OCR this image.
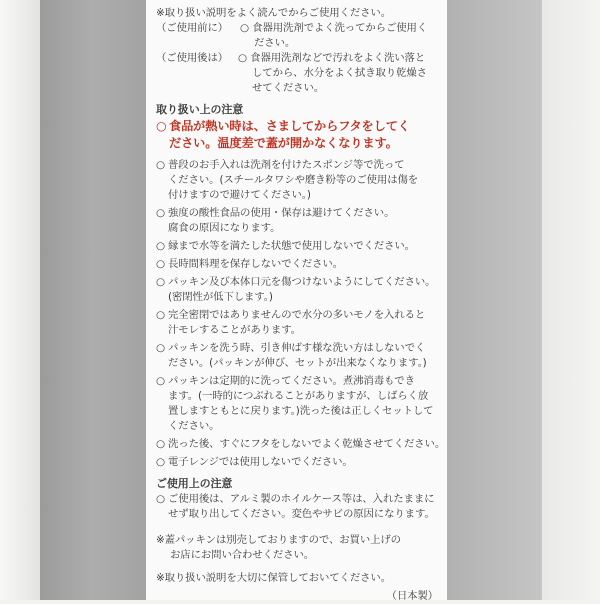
※取り扱い説明をよく読んでからご使用ください。
（ご使用前に）	○ 食器用洗剤でよく洗ってからご使用く
ださい。
（ご使用後は） ○ 食器用洗剤などで汚れをよく洗い落と
してから、水分をよく拭き取り乾燥さ
せてください。
取り扱い上の注意
○ 食品が熱い時は、さましてからフタをしてく
ださい。温度差で蓋が開かなくなります。
○ 普段のお手入れは洗剤を付けたスポンジ等で洗って
ください。(スチールタワシや磨き粉等のご使用は傷を
付けますので避けてください。)
○ 強度の酸性食品の使用・保存は避けてください。
腐食の原因になります。
○ 縁まで水等を満たした状態で使用しないでください。
○ 長時間料理を保存しないでください。
○ パッキン及び本体口元を傷つけないようにしてください。
(密閉性が低下します。)
○ 完全密閉ではありませんので水分の多いモノを入れると
汁モレすることがあります。
○ パッキンを洗う時、引き伸ばす様な洗い方はしないでく
ださい。(パッキンが伸び、セットが出来なくなります。)
○ パッキンは定期的に洗ってください。煮沸消毒もでき
ます。(一時的につぶれることがありますが、しばらく放
置しますともとに戻ります。)洗った後は正しくセットして
ください。
○ 洗った後、すぐにフタをしないでよく乾燥させてください。
○ 電子レンジでは使用しないでください。
ご使用上の注意
○ ご使用後は、アルミ製のホイルケース等は、入れたままに
せず取り出してください。変色やサビの原因になります。
※蓋パッキンは別売しておりますので、お買い上げの
お店にお問い合わせください。
※取り扱い説明を大切に保管しておいてください。
（日本製）
